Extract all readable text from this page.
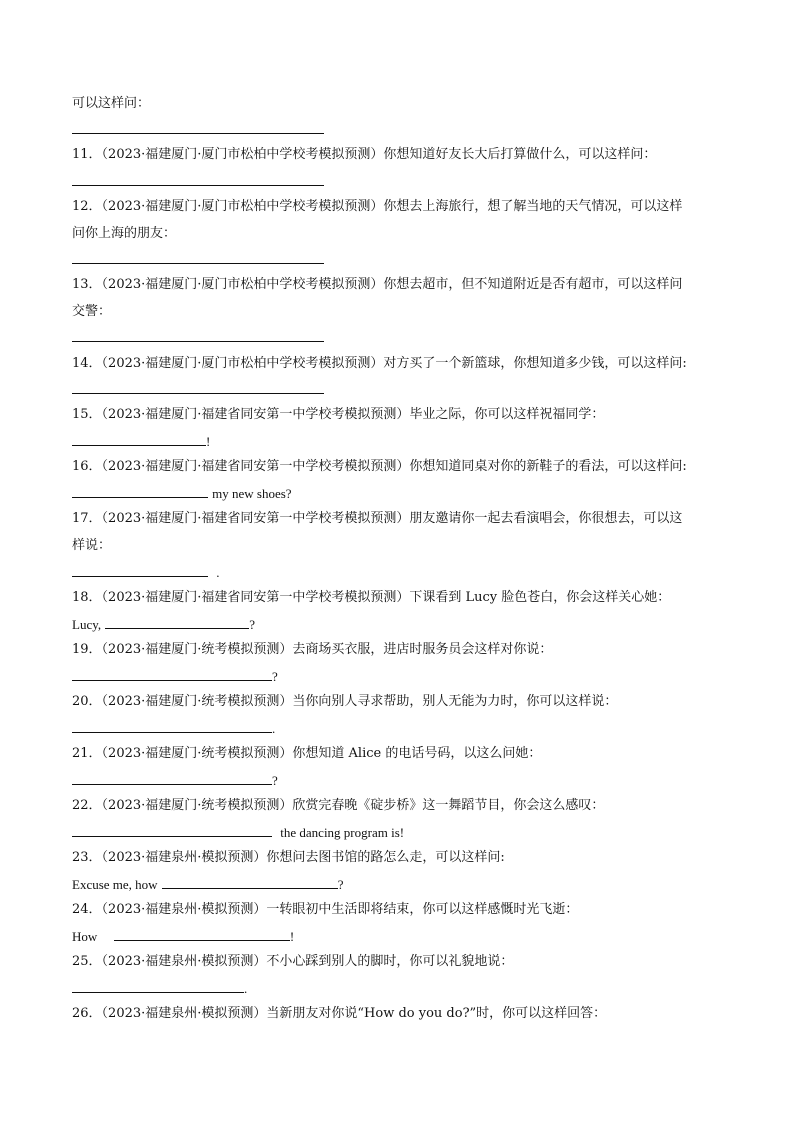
可以这样问：
11．（2023·福建厦门·厦门市松柏中学校考模拟预测）你想知道好友长大后打算做什么，可以这样问：
12．（2023·福建厦门·厦门市松柏中学校考模拟预测）你想去上海旅行，想了解当地的天气情况，可以这样
问你上海的朋友：
13．（2023·福建厦门·厦门市松柏中学校考模拟预测）你想去超市，但不知道附近是否有超市，可以这样问
交警：
14．（2023·福建厦门·厦门市松柏中学校考模拟预测）对方买了一个新篮球，你想知道多少钱，可以这样问:
15．（2023·福建厦门·福建省同安第一中学校考模拟预测）毕业之际，你可以这样祝福同学：
!
16．（2023·福建厦门·福建省同安第一中学校考模拟预测）你想知道同桌对你的新鞋子的看法，可以这样问:
my new shoes?
17．（2023·福建厦门·福建省同安第一中学校考模拟预测）朋友邀请你一起去看演唱会，你很想去，可以这
样说：
.
18．（2023·福建厦门·福建省同安第一中学校考模拟预测）下课看到 Lucy 脸色苍白，你会这样关心她：
Lucy,	?
19．（2023·福建厦门·统考模拟预测）去商场买衣服，进店时服务员会这样对你说：
?
20．（2023·福建厦门·统考模拟预测）当你向别人寻求帮助，别人无能为力时，你可以这样说：
.
21．（2023·福建厦门·统考模拟预测）你想知道 Alice 的电话号码，以这么问她：
?
22．（2023·福建厦门·统考模拟预测）欣赏完春晚《碇步桥》这一舞蹈节目，你会这么感叹：
the dancing program is!
23．（2023·福建泉州·模拟预测）你想问去图书馆的路怎么走，可以这样问:
Excuse me, how	?
24．（2023·福建泉州·模拟预测）一转眼初中生活即将结束，你可以这样感慨时光飞逝：
How	!
25．（2023·福建泉州·模拟预测）不小心踩到别人的脚时，你可以礼貌地说：
.
26．（2023·福建泉州·模拟预测）当新朋友对你说“How do you do?”时，你可以这样回答：
